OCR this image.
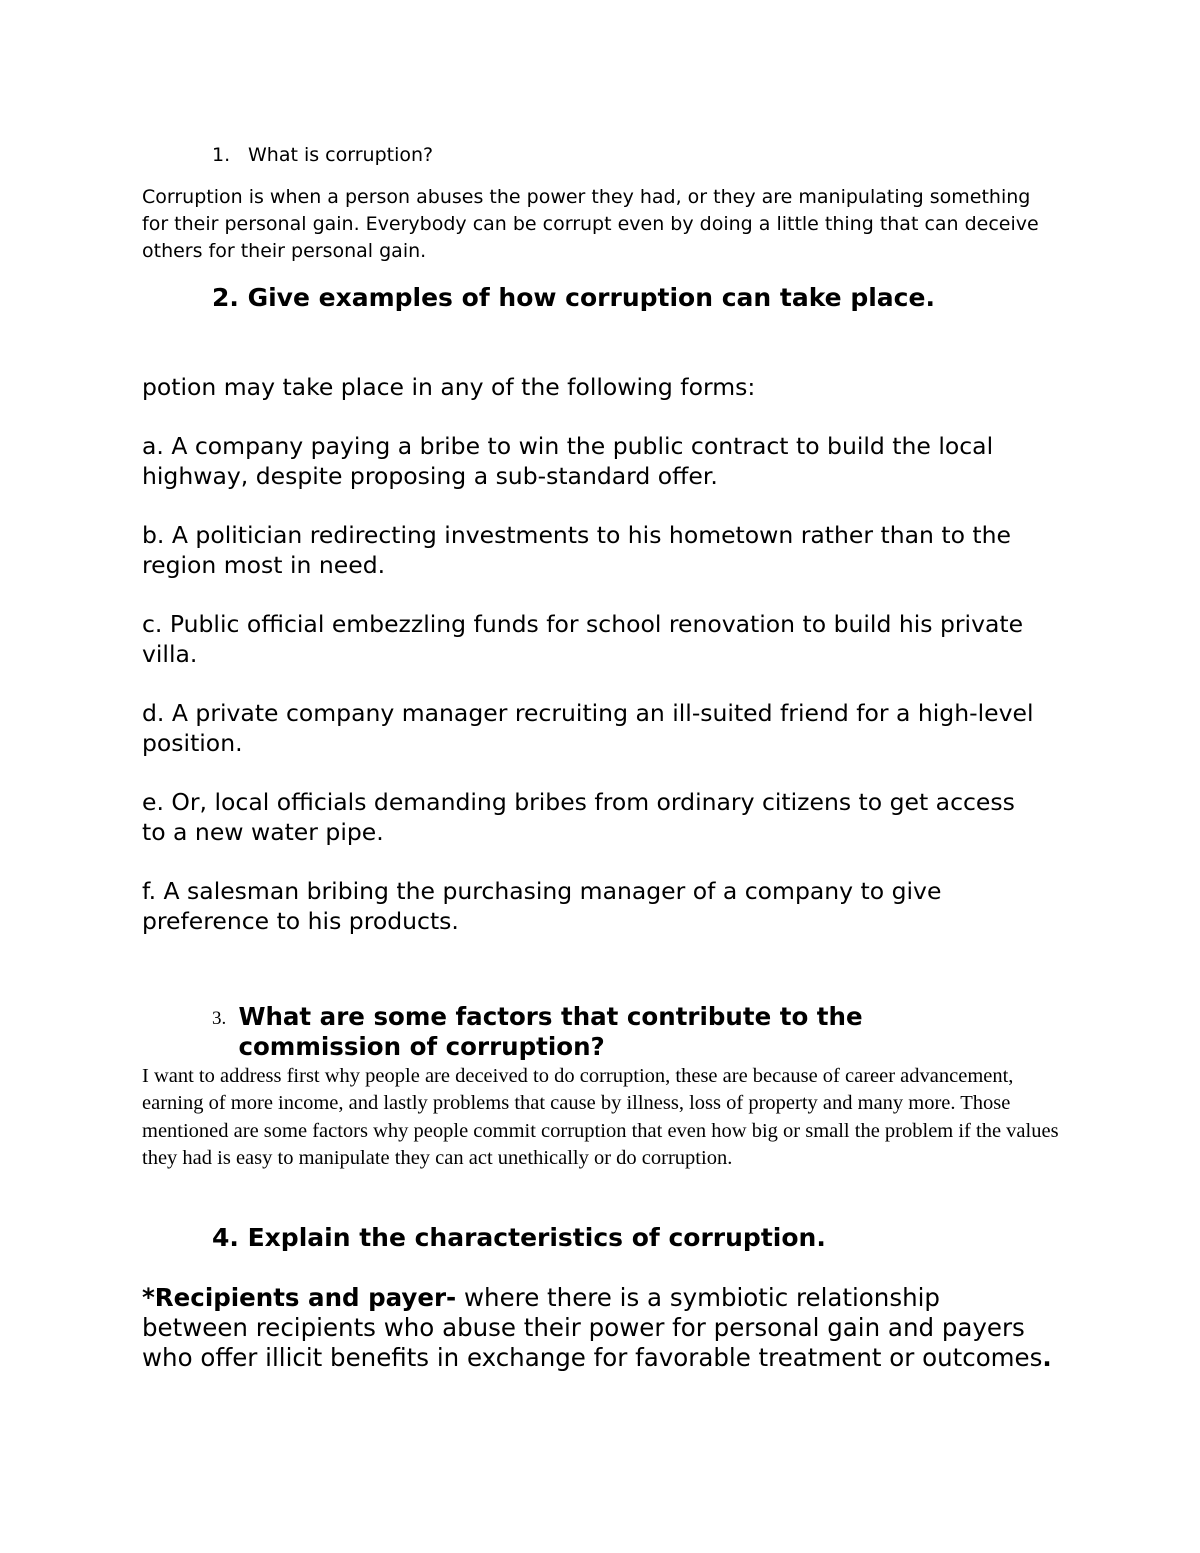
1. What is corruption?

Corruption is when a person abuses the power they had, or they are manipulating something for their personal gain. Everybody can be corrupt even by doing a little thing that can deceive others for their personal gain.

2. Give examples of how corruption can take place.

potion may take place in any of the following forms:

a. A company paying a bribe to win the public contract to build the local highway, despite proposing a sub-standard offer.

b. A politician redirecting investments to his hometown rather than to the region most in need.

c. Public official embezzling funds for school renovation to build his private villa.

d. A private company manager recruiting an ill-suited friend for a high-level position.

e. Or, local officials demanding bribes from ordinary citizens to get access to a new water pipe.

f. A salesman bribing the purchasing manager of a company to give preference to his products.

3. What are some factors that contribute to the commission of corruption?

I want to address first why people are deceived to do corruption, these are because of career advancement, earning of more income, and lastly problems that cause by illness, loss of property and many more. Those mentioned are some factors why people commit corruption that even how big or small the problem if the values they had is easy to manipulate they can act unethically or do corruption.

4. Explain the characteristics of corruption.

*Recipients and payer- where there is a symbiotic relationship between recipients who abuse their power for personal gain and payers who offer illicit benefits in exchange for favorable treatment or outcomes.
